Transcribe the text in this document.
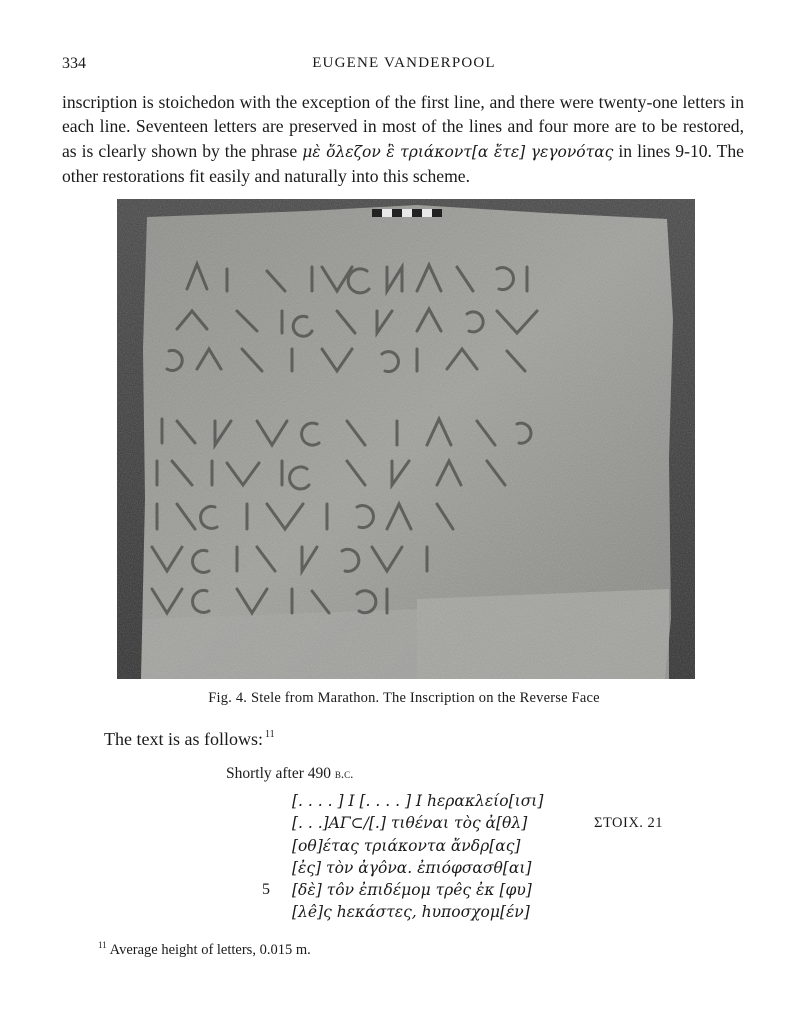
334	EUGENE VANDERPOOL

inscription is stoichedon with the exception of the first line, and there were twenty-one letters in each line. Seventeen letters are preserved in most of the lines and four more are to be restored, as is clearly shown by the phrase μὲ ὄλεζον ἒ τριάκοντ[α ἔτε] γεγονότας in lines 9-10. The other restorations fit easily and naturally into this scheme.

Fig. 4. Stele from Marathon. The Inscription on the Reverse Face
The text is as follows: $^{11}$
Shortly after 490 b.c.
[. . . . ] Ι [. . . . ] Ι hερακλείο[ισι]
[. . .]ΑΓ⊂/[.] τιθέναι τὸς ἀ[θλ]	ΣTOIX. 21
[οθ]έτας τριάκοντα ἄνδρ[ας]
[ἐς] τὸν ἀγôνα. ἐπιόφσασθ[αι]
5 [δὲ] τôν ἐπιδέμομ τρêς ἐκ [φυ]
[λê]ς hεκάστες, hυποσχομ[έν]
$^{11}$ Average height of letters, 0.015 m.
